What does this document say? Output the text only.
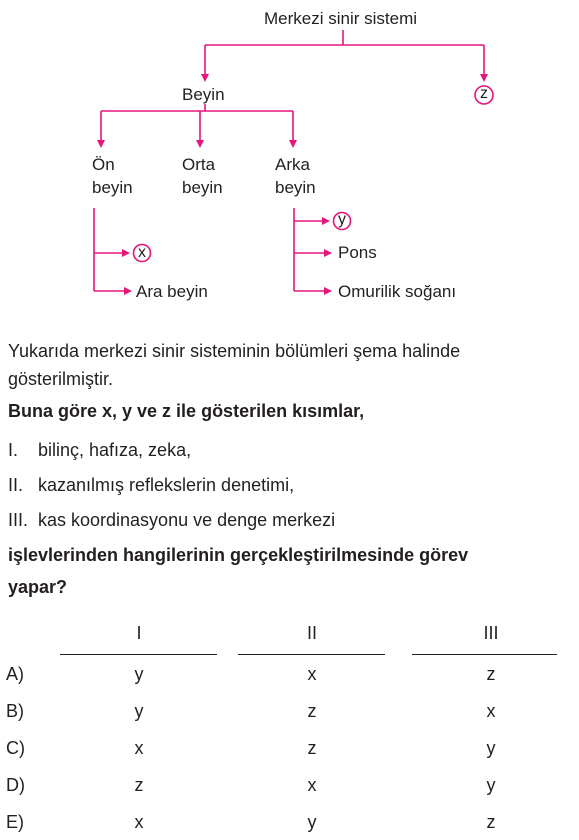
Merkezi sinir sistemi
Beyin	z
Ön
beyin
Orta
beyin
Arka
beyin
x
Ara beyin
y
Pons
Omurilik soğanı
Yukarıda merkezi sinir sisteminin bölümleri şema halinde
gösterilmiştir.
Buna göre x, y ve z ile gösterilen kısımlar,
I. bilinç, hafıza, zeka,
II. kazanılmış reflekslerin denetimi,
III. kas koordinasyonu ve denge merkezi
işlevlerinden hangilerinin gerçekleştirilmesinde görev
yapar?
I	II	III
A)	y	x	z
B)	y	z	x
C)	x	z	y
D)	z	x	y
E)	x	y	z
